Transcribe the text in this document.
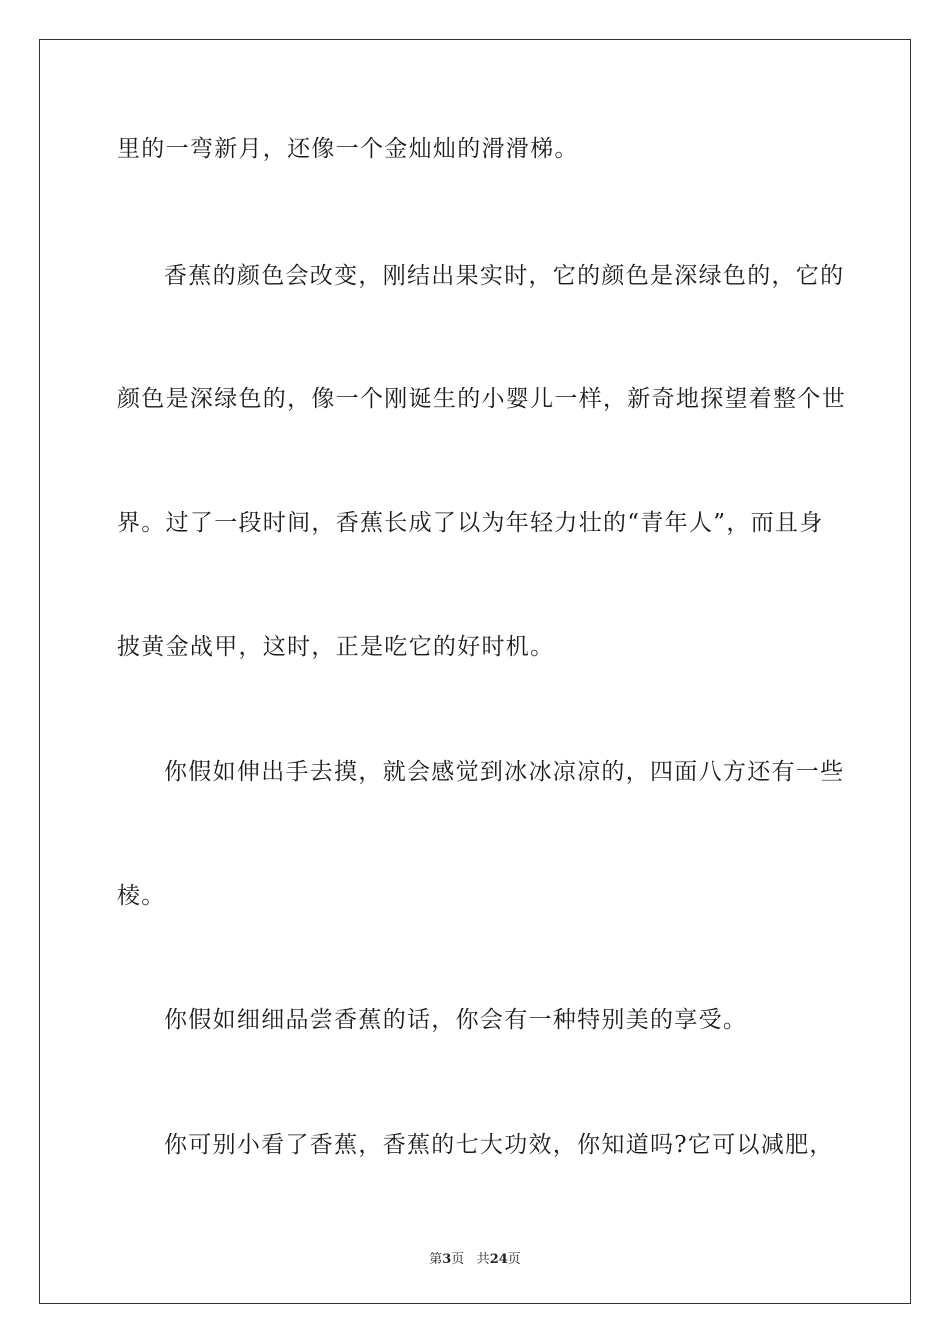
里的一弯新月，还像一个金灿灿的滑滑梯。
香蕉的颜色会改变，刚结出果实时，它的颜色是深绿色的，它的
颜色是深绿色的，像一个刚诞生的小婴儿一样，新奇地探望着整个世
界。过了一段时间，香蕉长成了以为年轻力壮的“青年人”，而且身
披黄金战甲，这时，正是吃它的好时机。
你假如伸出手去摸，就会感觉到冰冰凉凉的，四面八方还有一些
棱。
你假如细细品尝香蕉的话，你会有一种特别美的享受。
你可别小看了香蕉，香蕉的七大功效，你知道吗?它可以减肥，
第3页 共24页
